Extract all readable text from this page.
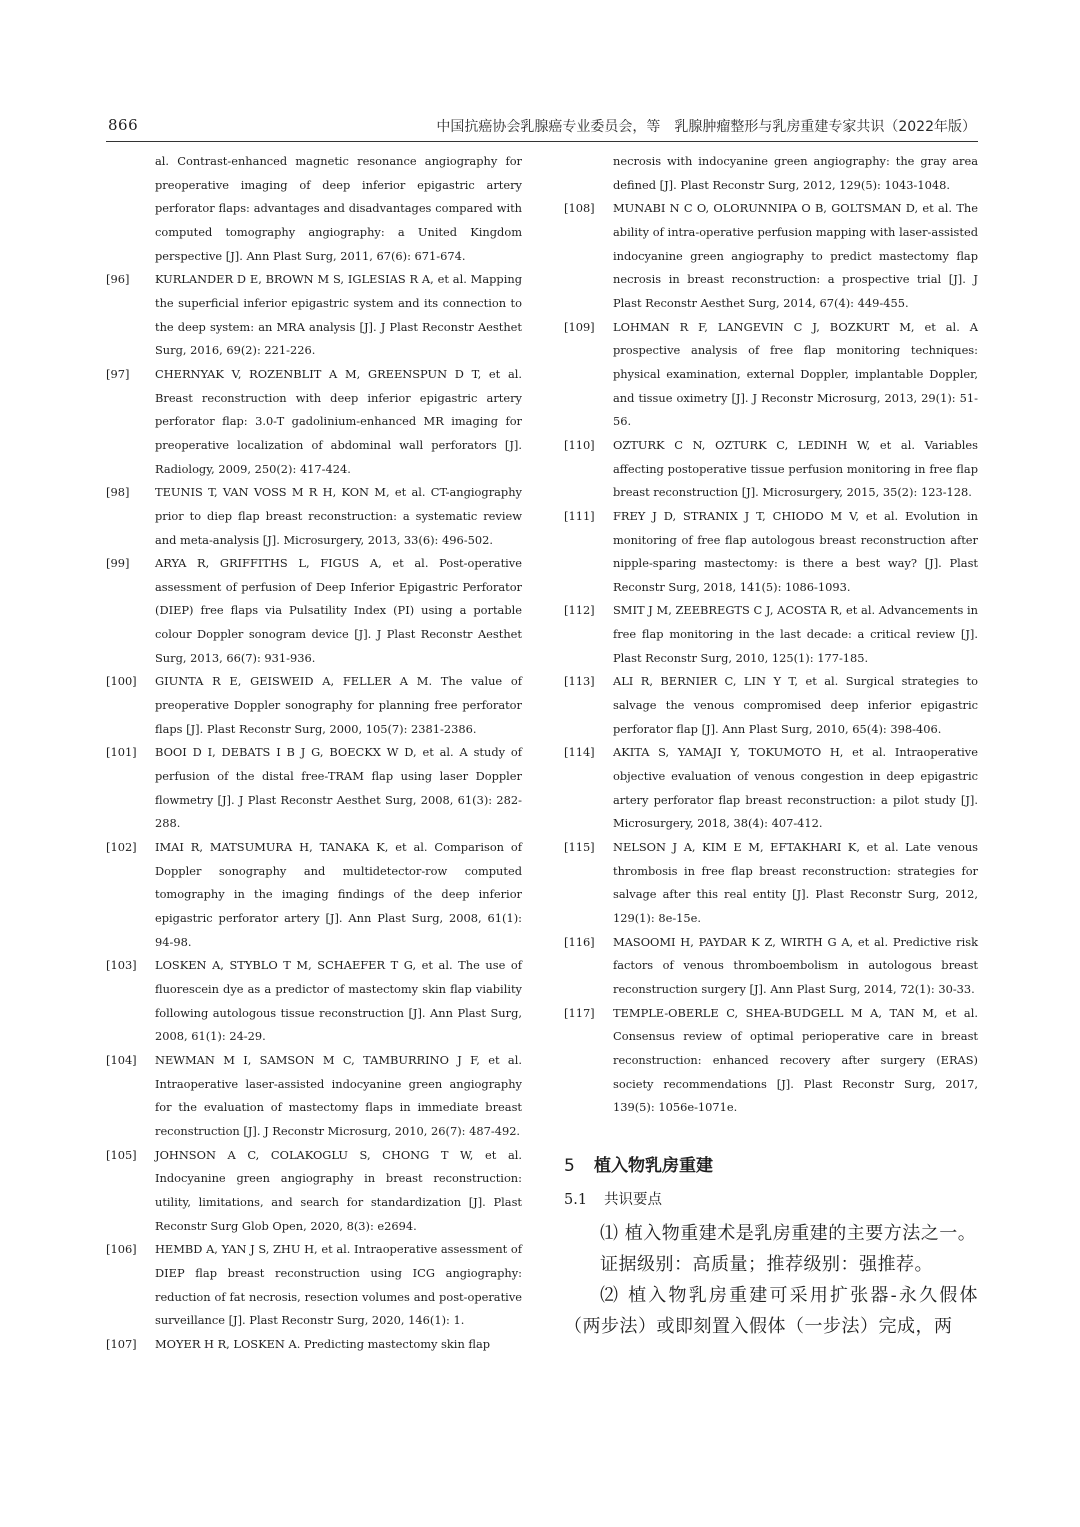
866	中国抗癌协会乳腺癌专业委员会，等　乳腺肿瘤整形与乳房重建专家共识（2022年版）
al. Contrast-enhanced magnetic resonance angiography for preoperative imaging of deep inferior epigastric artery perforator flaps: advantages and disadvantages compared with computed tomography angiography: a United Kingdom perspective [J]. Ann Plast Surg, 2011, 67(6): 671-674.
[96] KURLANDER D E, BROWN M S, IGLESIAS R A, et al. Mapping the superficial inferior epigastric system and its connection to the deep system: an MRA analysis [J]. J Plast Reconstr Aesthet Surg, 2016, 69(2): 221-226.
[97] CHERNYAK V, ROZENBLIT A M, GREENSPUN D T, et al. Breast reconstruction with deep inferior epigastric artery perforator flap: 3.0-T gadolinium-enhanced MR imaging for preoperative localization of abdominal wall perforators [J]. Radiology, 2009, 250(2): 417-424.
[98] TEUNIS T, VAN VOSS M R H, KON M, et al. CT-angiography prior to diep flap breast reconstruction: a systematic review and meta-analysis [J]. Microsurgery, 2013, 33(6): 496-502.
[99] ARYA R, GRIFFITHS L, FIGUS A, et al. Post-operative assessment of perfusion of Deep Inferior Epigastric Perforator (DIEP) free flaps via Pulsatility Index (PI) using a portable colour Doppler sonogram device [J]. J Plast Reconstr Aesthet Surg, 2013, 66(7): 931-936.
[100] GIUNTA R E, GEISWEID A, FELLER A M. The value of preoperative Doppler sonography for planning free perforator flaps [J]. Plast Reconstr Surg, 2000, 105(7): 2381-2386.
[101] BOOI D I, DEBATS I B J G, BOECKX W D, et al. A study of perfusion of the distal free-TRAM flap using laser Doppler flowmetry [J]. J Plast Reconstr Aesthet Surg, 2008, 61(3): 282-288.
[102] IMAI R, MATSUMURA H, TANAKA K, et al. Comparison of Doppler sonography and multidetector-row computed tomography in the imaging findings of the deep inferior epigastric perforator artery [J]. Ann Plast Surg, 2008, 61(1): 94-98.
[103] LOSKEN A, STYBLO T M, SCHAEFER T G, et al. The use of fluorescein dye as a predictor of mastectomy skin flap viability following autologous tissue reconstruction [J]. Ann Plast Surg, 2008, 61(1): 24-29.
[104] NEWMAN M I, SAMSON M C, TAMBURRINO J F, et al. Intraoperative laser-assisted indocyanine green angiography for the evaluation of mastectomy flaps in immediate breast reconstruction [J]. J Reconstr Microsurg, 2010, 26(7): 487-492.
[105] JOHNSON A C, COLAKOGLU S, CHONG T W, et al. Indocyanine green angiography in breast reconstruction: utility, limitations, and search for standardization [J]. Plast Reconstr Surg Glob Open, 2020, 8(3): e2694.
[106] HEMBD A, YAN J S, ZHU H, et al. Intraoperative assessment of DIEP flap breast reconstruction using ICG angiography: reduction of fat necrosis, resection volumes and post-operative surveillance [J]. Plast Reconstr Surg, 2020, 146(1): 1.
[107] MOYER H R, LOSKEN A. Predicting mastectomy skin flap
necrosis with indocyanine green angiography: the gray area defined [J]. Plast Reconstr Surg, 2012, 129(5): 1043-1048.
[108] MUNABI N C O, OLORUNNIPA O B, GOLTSMAN D, et al. The ability of intra-operative perfusion mapping with laser-assisted indocyanine green angiography to predict mastectomy flap necrosis in breast reconstruction: a prospective trial [J]. J Plast Reconstr Aesthet Surg, 2014, 67(4): 449-455.
[109] LOHMAN R F, LANGEVIN C J, BOZKURT M, et al. A prospective analysis of free flap monitoring techniques: physical examination, external Doppler, implantable Doppler, and tissue oximetry [J]. J Reconstr Microsurg, 2013, 29(1): 51-56.
[110] OZTURK C N, OZTURK C, LEDINH W, et al. Variables affecting postoperative tissue perfusion monitoring in free flap breast reconstruction [J]. Microsurgery, 2015, 35(2): 123-128.
[111] FREY J D, STRANIX J T, CHIODO M V, et al. Evolution in monitoring of free flap autologous breast reconstruction after nipple-sparing mastectomy: is there a best way? [J]. Plast Reconstr Surg, 2018, 141(5): 1086-1093.
[112] SMIT J M, ZEEBREGTS C J, ACOSTA R, et al. Advancements in free flap monitoring in the last decade: a critical review [J]. Plast Reconstr Surg, 2010, 125(1): 177-185.
[113] ALI R, BERNIER C, LIN Y T, et al. Surgical strategies to salvage the venous compromised deep inferior epigastric perforator flap [J]. Ann Plast Surg, 2010, 65(4): 398-406.
[114] AKITA S, YAMAJI Y, TOKUMOTO H, et al. Intraoperative objective evaluation of venous congestion in deep epigastric artery perforator flap breast reconstruction: a pilot study [J]. Microsurgery, 2018, 38(4): 407-412.
[115] NELSON J A, KIM E M, EFTAKHARI K, et al. Late venous thrombosis in free flap breast reconstruction: strategies for salvage after this real entity [J]. Plast Reconstr Surg, 2012, 129(1): 8e-15e.
[116] MASOOMI H, PAYDAR K Z, WIRTH G A, et al. Predictive risk factors of venous thromboembolism in autologous breast reconstruction surgery [J]. Ann Plast Surg, 2014, 72(1): 30-33.
[117] TEMPLE-OBERLE C, SHEA-BUDGELL M A, TAN M, et al. Consensus review of optimal perioperative care in breast reconstruction: enhanced recovery after surgery (ERAS) society recommendations [J]. Plast Reconstr Surg, 2017, 139(5): 1056e-1071e.
5 植入物乳房重建
5.1 共识要点
⑴ 植入物重建术是乳房重建的主要方法之一。
证据级别：高质量；推荐级别：强推荐。
⑵ 植入物乳房重建可采用扩张器-永久假体（两步法）或即刻置入假体（一步法）完成，两
